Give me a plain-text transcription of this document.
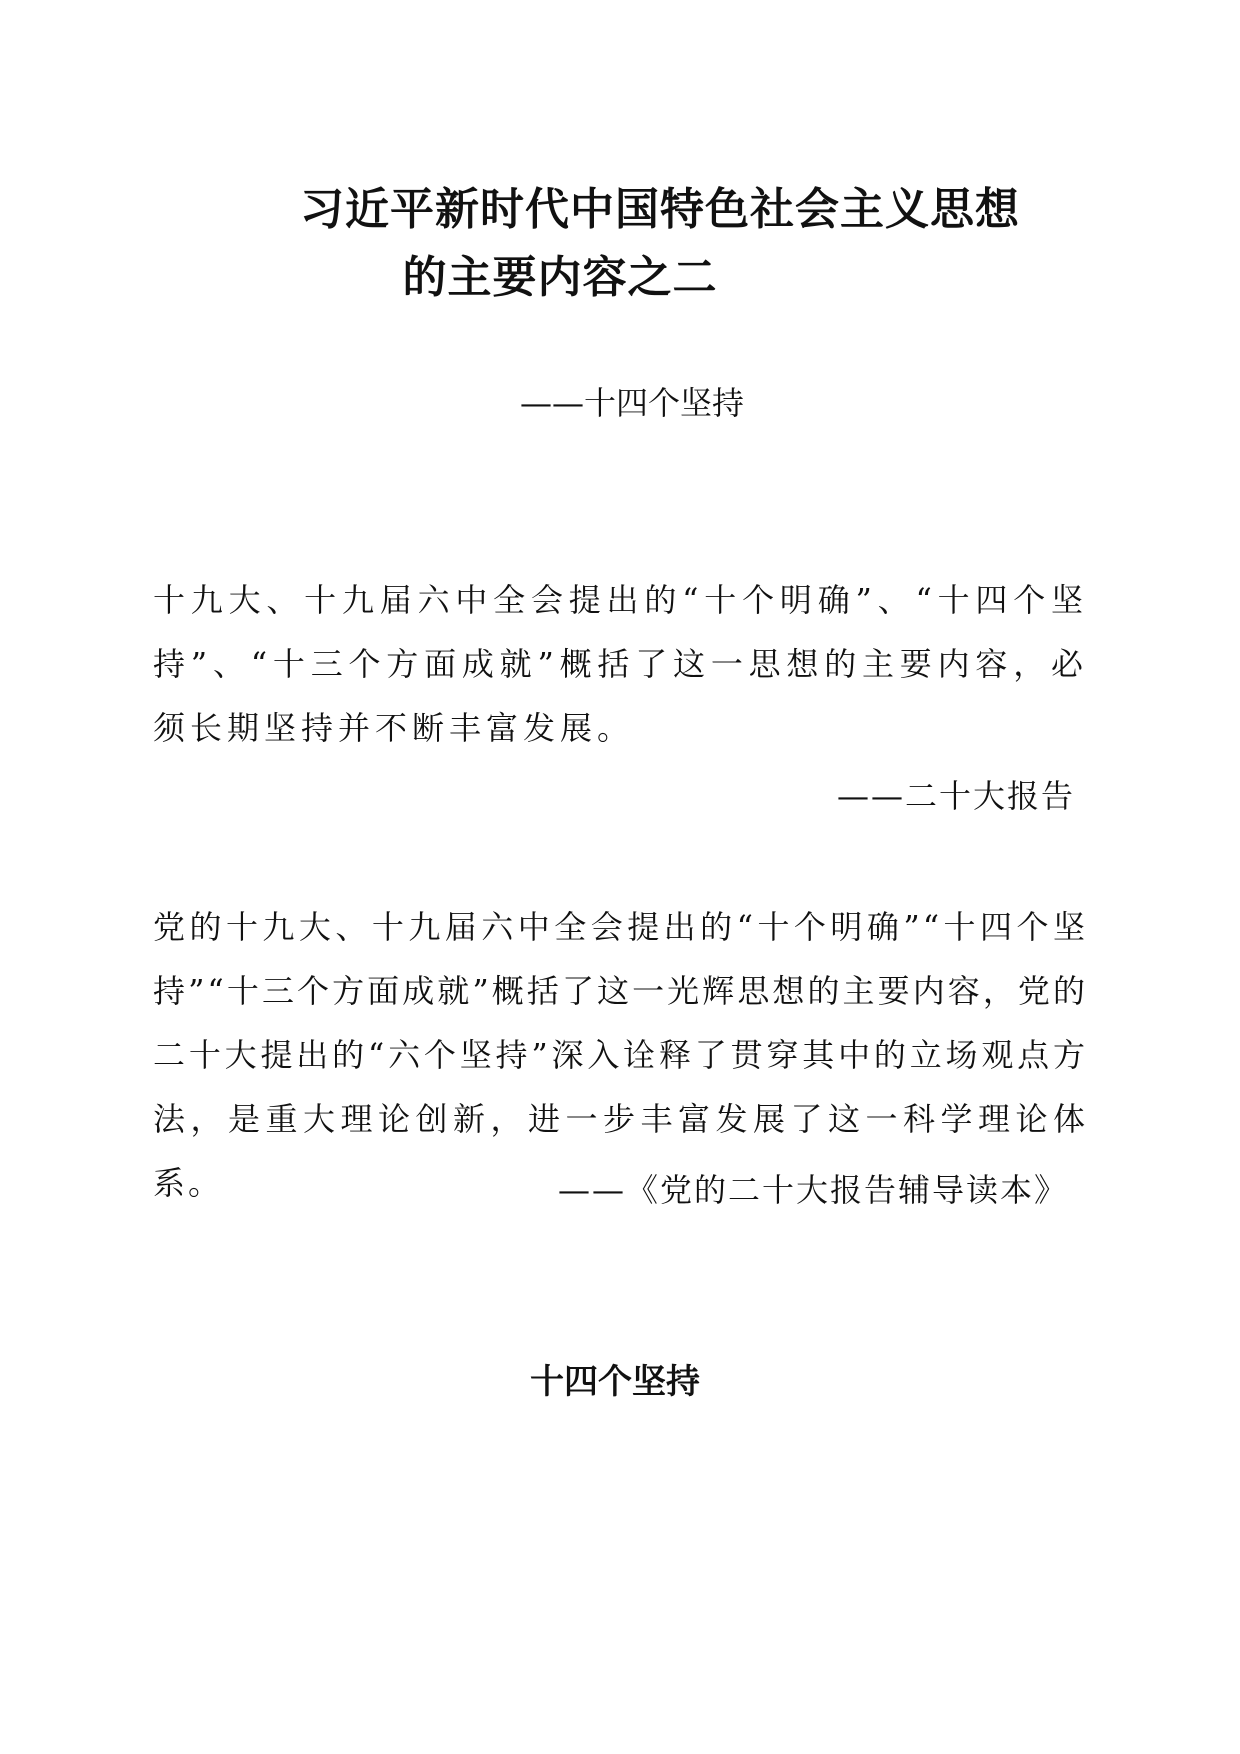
习近平新时代中国特色社会主义思想
的主要内容之二
——十四个坚持

十九大、十九届六中全会提出的“十个明确”、“十四个坚持”、“十三个方面成就”概括了这一思想的主要内容，必须长期坚持并不断丰富发展。

——二十大报告

党的十九大、十九届六中全会提出的“十个明确”“十四个坚持”“十三个方面成就”概括了这一光辉思想的主要内容，党的二十大提出的“六个坚持”深入诠释了贯穿其中的立场观点方法，是重大理论创新，进一步丰富发展了这一科学理论体系。	——《党的二十大报告辅导读本》
十四个坚持
